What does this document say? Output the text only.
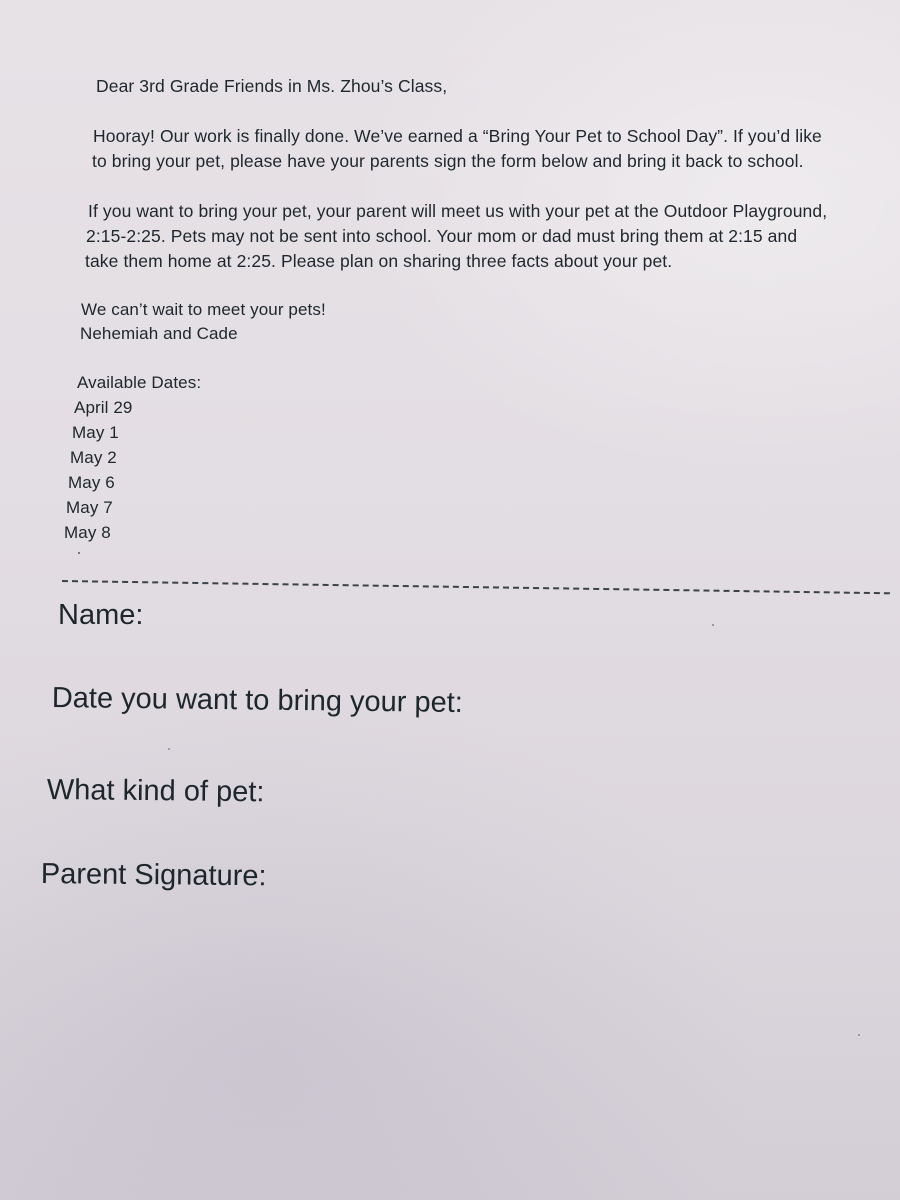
Dear 3rd Grade Friends in Ms. Zhou’s Class,
Hooray! Our work is finally done. We’ve earned a “Bring Your Pet to School Day”. If you’d like
to bring your pet, please have your parents sign the form below and bring it back to school.
If you want to bring your pet, your parent will meet us with your pet at the Outdoor Playground,
2:15-2:25. Pets may not be sent into school. Your mom or dad must bring them at 2:15 and
take them home at 2:25. Please plan on sharing three facts about your pet.
We can’t wait to meet your pets!
Nehemiah and Cade
Available Dates:
April 29
May 1
May 2
May 6
May 7
May 8
Name:
Date you want to bring your pet:
What kind of pet:
Parent Signature:
